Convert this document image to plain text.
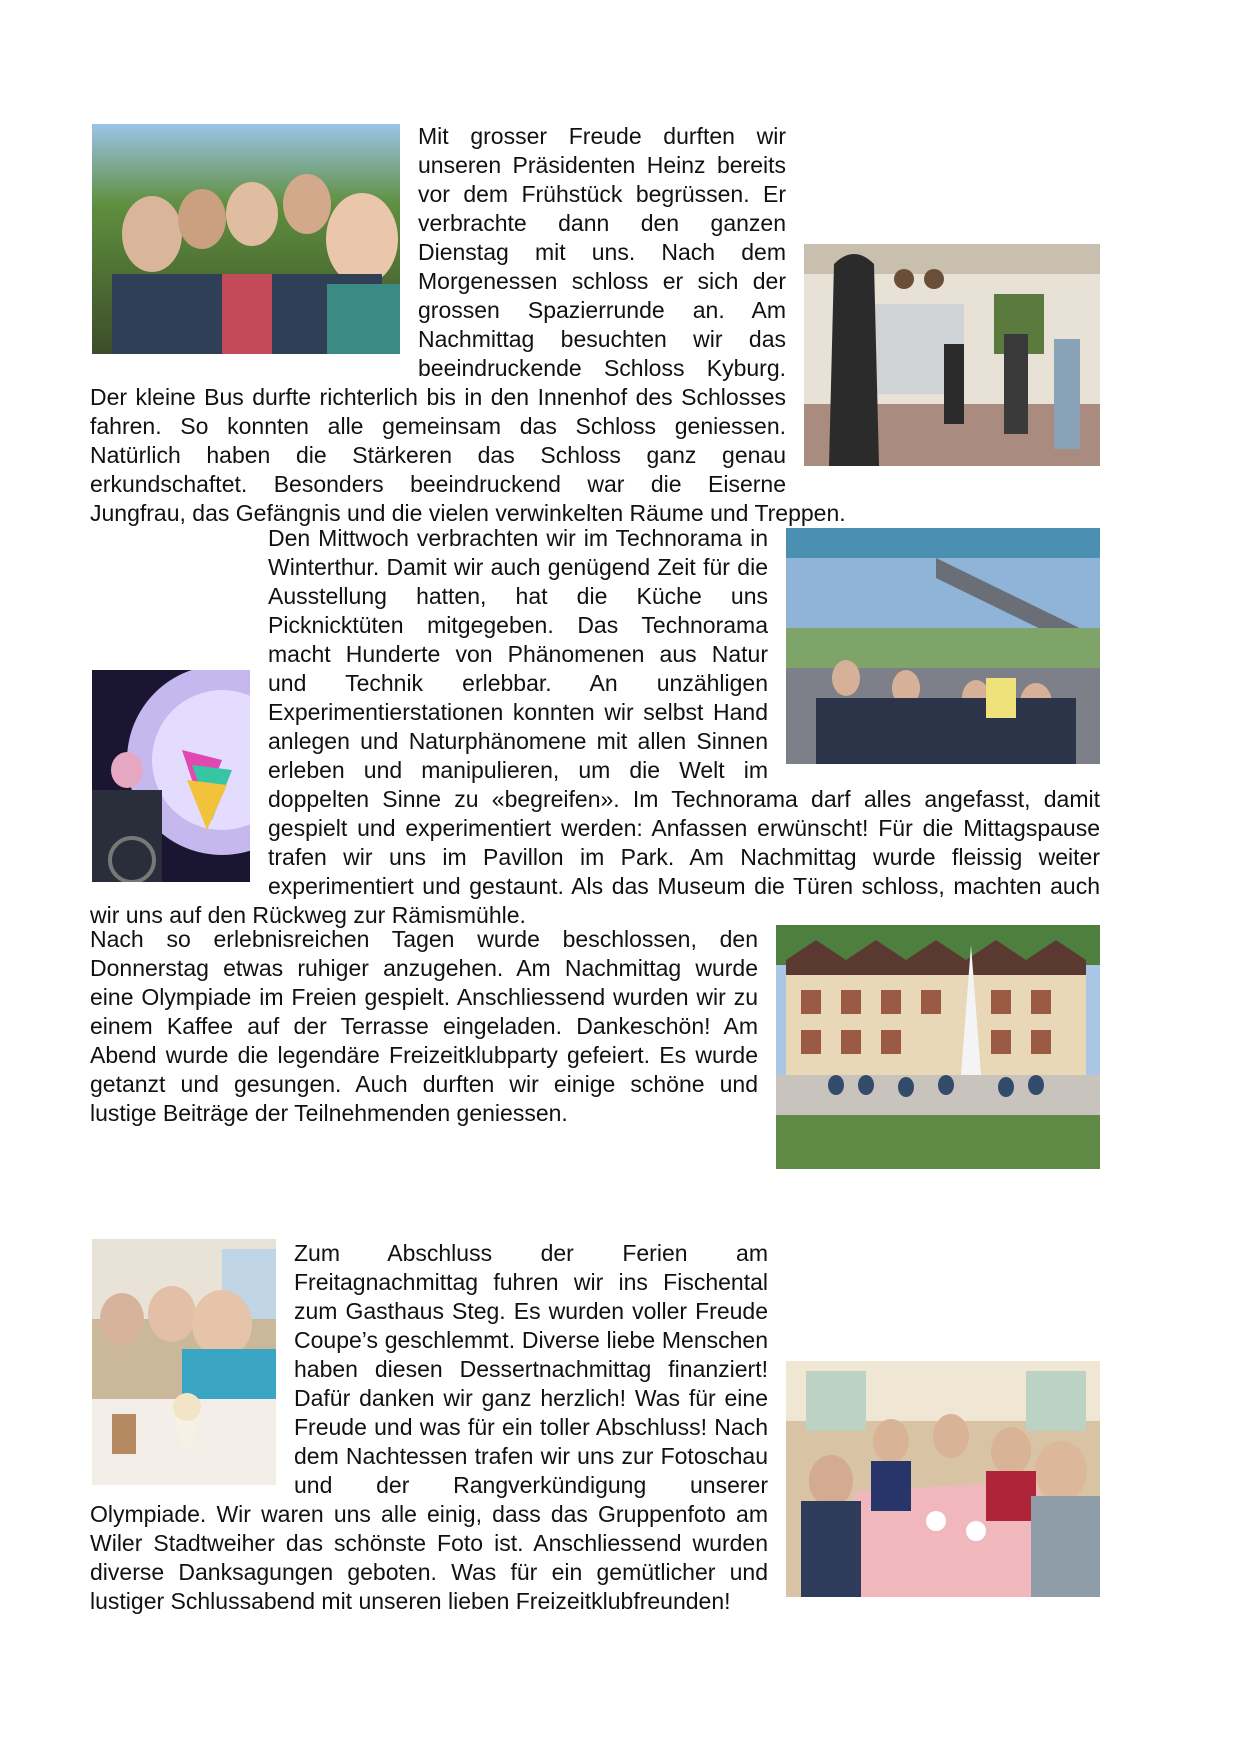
Mit grosser Freude durften wir unseren Präsidenten Heinz bereits vor dem Frühstück begrüssen. Er verbrachte dann den ganzen Dienstag mit uns. Nach dem Morgenessen schloss er sich der grossen Spazierrunde an. Am Nachmittag besuchten wir das beeindruckende Schloss Kyburg. Der kleine Bus durfte richterlich bis in den Innenhof des Schlosses fahren. So konnten alle gemeinsam das Schloss geniessen. Natürlich haben die Stärkeren das Schloss ganz genau erkundschaftet. Besonders beeindruckend war die Eiserne Jungfrau, das Gefängnis und die vielen verwinkelten Räume und Treppen.

Den Mittwoch verbrachten wir im Technorama in Winterthur. Damit wir auch genügend Zeit für die Ausstellung hatten, hat die Küche uns Picknicktüten mitgegeben. Das Technorama macht Hunderte von Phänomenen aus Natur und Technik erlebbar. An unzähligen Experimentierstationen konnten wir selbst Hand anlegen und Naturphänomene mit allen Sinnen erleben und manipulieren, um die Welt im doppelten Sinne zu «begreifen». Im Technorama darf alles angefasst, damit gespielt und experimentiert werden: Anfassen erwünscht! Für die Mittagspause trafen wir uns im Pavillon im Park. Am Nachmittag wurde fleissig weiter experimentiert und gestaunt. Als das Museum die Türen schloss, machten auch wir uns auf den Rückweg zur Rämismühle.

Nach so erlebnisreichen Tagen wurde beschlossen, den Donnerstag etwas ruhiger anzugehen. Am Nachmittag wurde eine Olympiade im Freien gespielt. Anschliessend wurden wir zu einem Kaffee auf der Terrasse eingeladen. Dankeschön! Am Abend wurde die legendäre Freizeitklubparty gefeiert. Es wurde getanzt und gesungen. Auch durften wir einige schöne und lustige Beiträge der Teilnehmenden geniessen.

Zum Abschluss der Ferien am Freitagnachmittag fuhren wir ins Fischental zum Gasthaus Steg. Es wurden voller Freude Coupe’s geschlemmt. Diverse liebe Menschen haben diesen Dessertnachmittag finanziert! Dafür danken wir ganz herzlich! Was für eine Freude und was für ein toller Abschluss! Nach dem Nachtessen trafen wir uns zur Fotoschau und der Rangverkündigung unserer Olympiade. Wir waren uns alle einig, dass das Gruppenfoto am Wiler Stadtweiher das schönste Foto ist. Anschliessend wurden diverse Danksagungen geboten. Was für ein gemütlicher und lustiger Schlussabend mit unseren lieben Freizeitklubfreunden!
